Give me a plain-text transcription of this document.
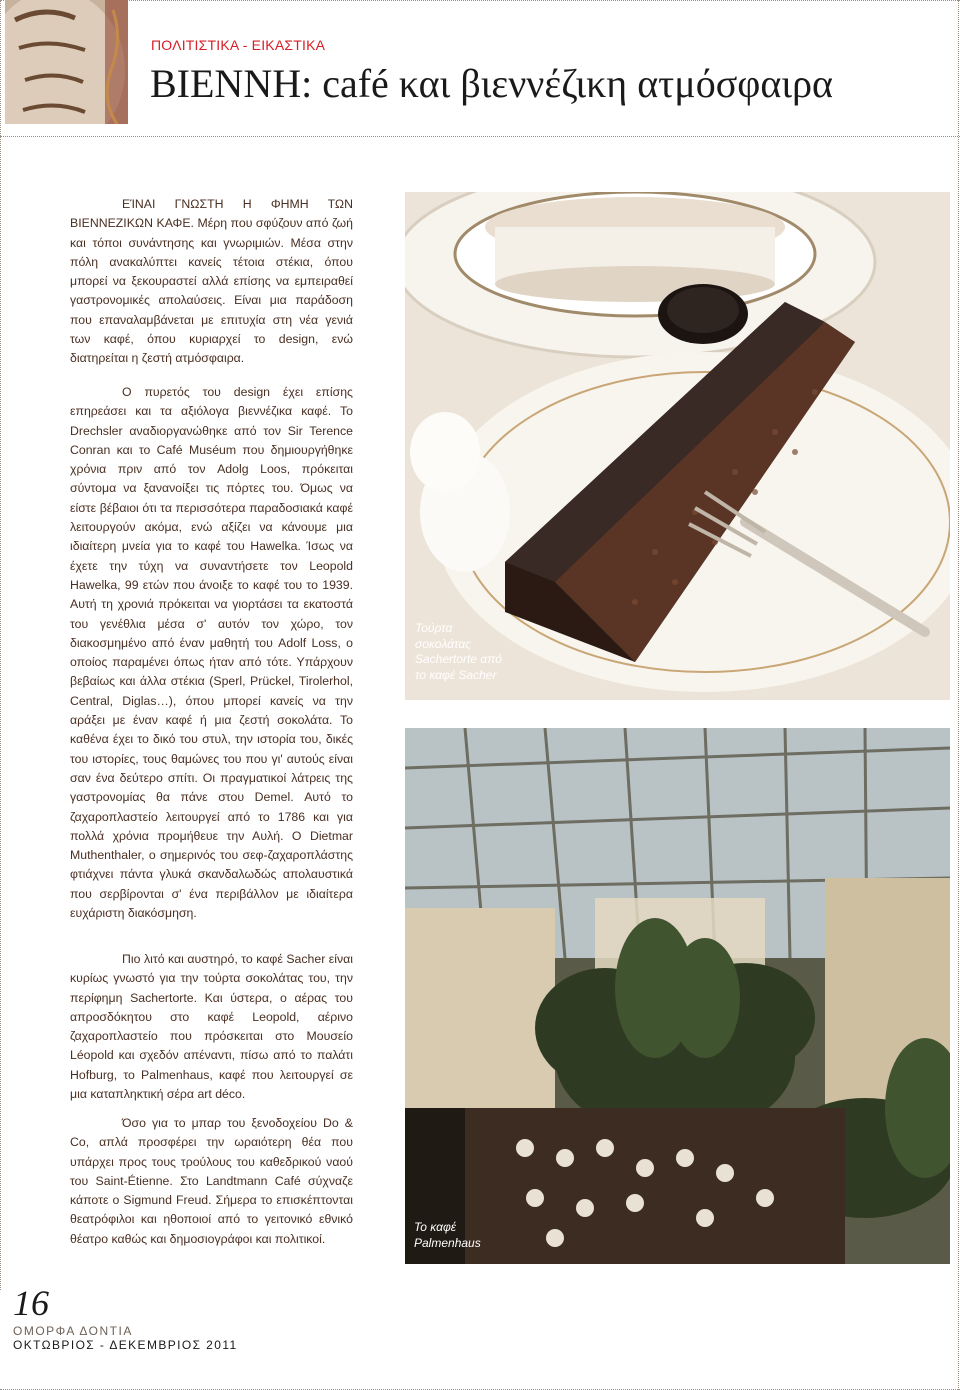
ΠΟΛΙΤΙΣΤΙΚΑ - ΕΙΚΑΣΤΙΚΑ
ΒΙΕΝΝΗ: café και βιεννέζικη ατμόσφαιρα

ΕΊΝΑΙ ΓΝΩΣΤΗ Η ΦΗΜΗ ΤΩΝ ΒΙΕΝΝΕΖΙΚΩΝ ΚΑΦΕ. Μέρη που σφύζουν από ζωή και τόποι συνάντησης και γνωριμιών. Μέσα στην πόλη ανακαλύπτει κανείς τέτοια στέκια, όπου μπορεί να ξεκουραστεί αλλά επίσης να εμπειραθεί γαστρονομικές απολαύσεις. Είναι μια παράδοση που επαναλαμβάνεται με επιτυχία στη νέα γενιά των καφέ, όπου κυριαρχεί το design, ενώ διατηρείται η ζεστή ατμόσφαιρα.

Ο πυρετός του design έχει επίσης επηρεάσει και τα αξιόλογα βιεννέζικα καφέ. Το Drechsler αναδιοργανώθηκε από τον Sir Terence Conran και το Café Muséum που δημιουργήθηκε χρόνια πριν από τον Adolg Loos, πρόκειται σύντομα να ξανανοίξει τις πόρτες του. Όμως να είστε βέβαιοι ότι τα περισσότερα παραδοσιακά καφέ λειτουργούν ακόμα, ενώ αξίζει να κάνουμε μια ιδιαίτερη μνεία για το καφέ του Hawelka. Ίσως να έχετε την τύχη να συναντήσετε τον Leopold Hawelka, 99 ετών που άνοιξε το καφέ του το 1939. Αυτή τη χρονιά πρόκειται να γιορτάσει τα εκατοστά του γενέθλια μέσα σ' αυτόν τον χώρο, τον διακοσμημένο από έναν μαθητή του Adolf Loss, ο οποίος παραμένει όπως ήταν από τότε. Υπάρχουν βεβαίως και άλλα στέκια (Sperl, Prückel, Tirolerhol, Central, Diglas…), όπου μπορεί κανείς να την αράξει με έναν καφέ ή μια ζεστή σοκολάτα. Το καθένα έχει το δικό του στυλ, την ιστορία του, δικές του ιστορίες, τους θαμώνες του που γι' αυτούς είναι σαν ένα δεύτερο σπίτι. Οι πραγματικοί λάτρεις της γαστρονομίας θα πάνε στου Demel. Αυτό το ζαχαροπλαστείο λειτουργεί από το 1786 και για πολλά χρόνια προμήθευε την Αυλή. Ο Dietmar Muthenthaler, ο σημερινός του σεφ-ζαχαροπλάστης φτιάχνει πάντα γλυκά σκανδαλωδώς απολαυστικά που σερβίρονται σ' ένα περιβάλλον με ιδιαίτερα ευχάριστη διακόσμηση.

Πιο λιτό και αυστηρό, το καφέ Sacher είναι κυρίως γνωστό για την τούρτα σοκολάτας του, την περίφημη Sachertorte. Και ύστερα, ο αέρας του απροσδόκητου στο καφέ Leopold, αέρινο ζαχαροπλαστείο που πρόσκειται στο Μουσείο Léopold και σχεδόν απέναντι, πίσω από το παλάτι Hofburg, το Palmenhaus, καφέ που λειτουργεί σε μια καταπληκτική σέρα art déco.

Όσο για το μπαρ του ξενοδοχείου Do & Co, απλά προσφέρει την ωραιότερη θέα που υπάρχει προς τους τρούλους του καθεδρικού ναού του Saint-Étienne. Στο Landtmann Café σύχναζε κάποτε ο Sigmund Freud. Σήμερα το επισκέπτονται θεατρόφιλοι και ηθοποιοί από το γειτονικό εθνικό θέατρο καθώς και δημοσιογράφοι και πολιτικοί.

Τούρτα σοκολάτας Sachertorte από το καφέ Sacher
Το καφέ Palmenhaus
16
ΟΜΟΡΦΑ ΔΟΝΤΙΑ
ΟΚΤΩΒΡΙΟΣ - ΔΕΚΕΜΒΡΙΟΣ 2011
